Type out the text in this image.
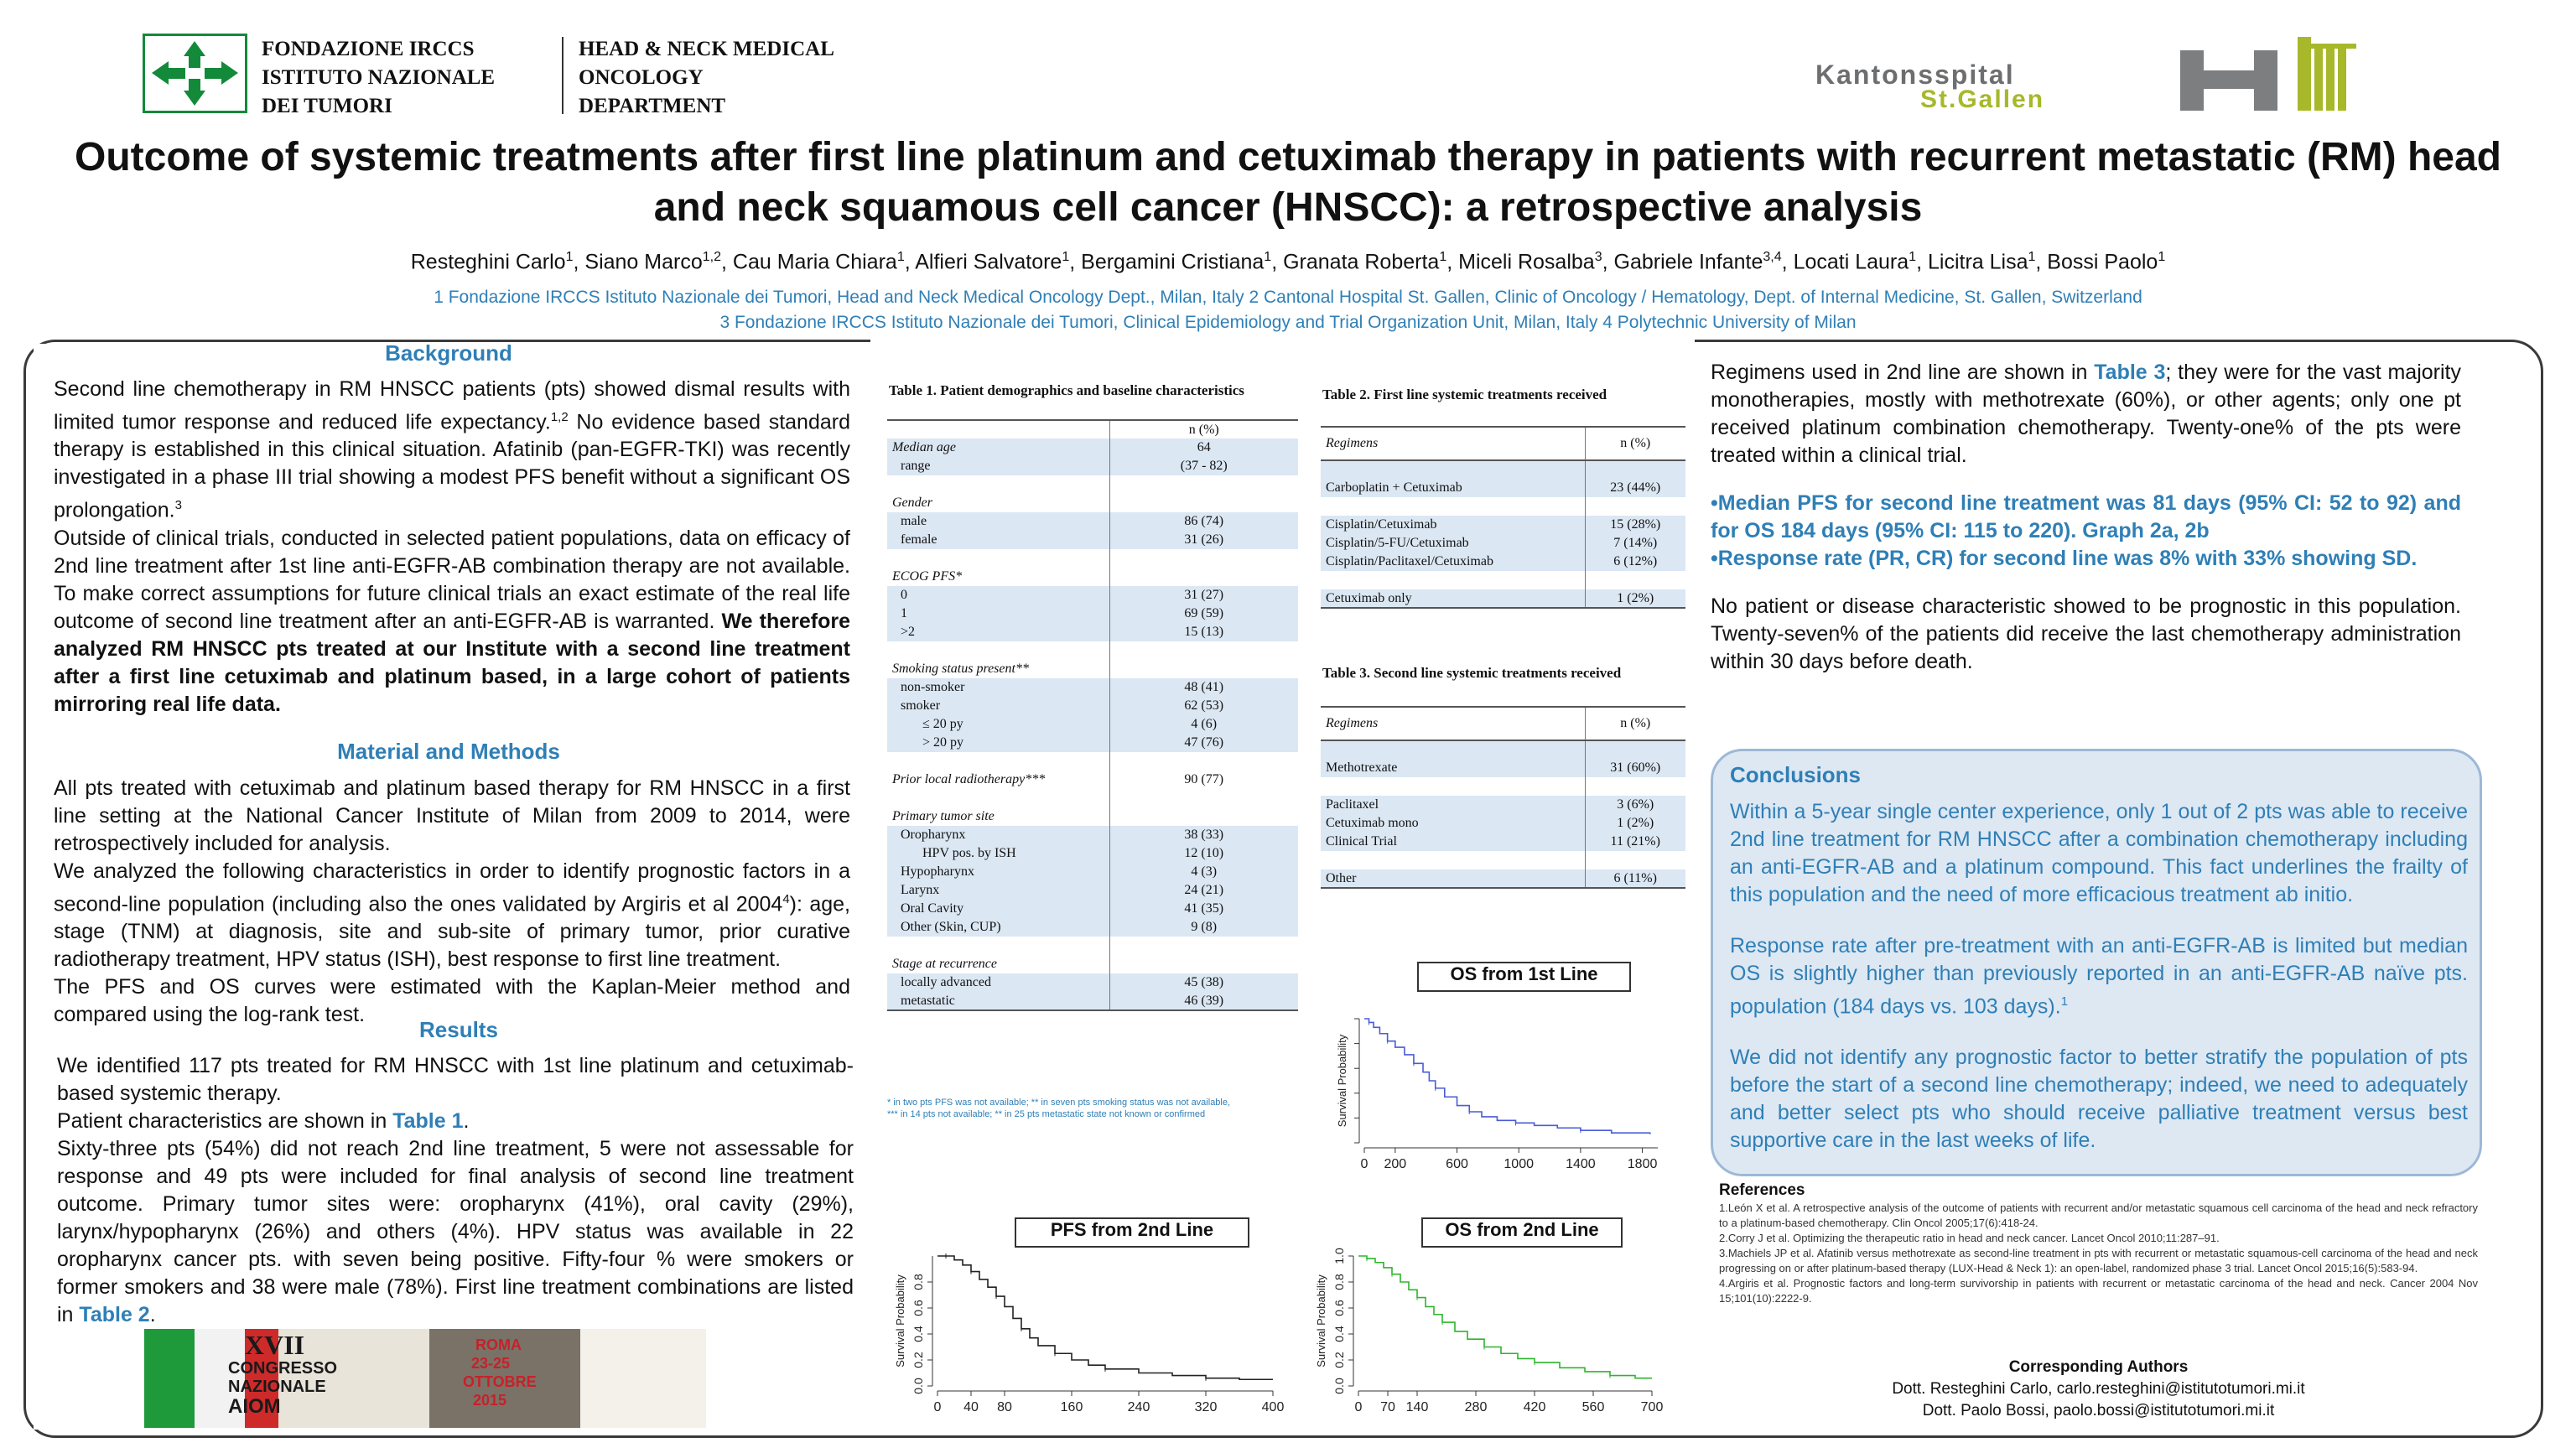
FONDAZIONE IRCCS
ISTITUTO NAZIONALE
DEI TUMORI
HEAD & NECK MEDICAL
ONCOLOGY
DEPARTMENT
Kantonsspital
St.Gallen
Outcome of systemic treatments after first line platinum and cetuximab therapy in patients with recurrent metastatic (RM) head and neck squamous cell cancer (HNSCC): a retrospective analysis
Resteghini Carlo$^1$, Siano Marco$^{1,2}$, Cau Maria Chiara$^1$, Alfieri Salvatore$^1$, Bergamini Cristiana$^1$, Granata Roberta$^1$, Miceli Rosalba$^3$, Gabriele Infante$^{3,4}$, Locati Laura$^1$, Licitra Lisa$^1$, Bossi Paolo$^1$
1 Fondazione IRCCS Istituto Nazionale dei Tumori, Head and Neck Medical Oncology Dept., Milan, Italy 2 Cantonal Hospital St. Gallen, Clinic of Oncology / Hematology, Dept. of Internal Medicine, St. Gallen, Switzerland
3 Fondazione IRCCS Istituto Nazionale dei Tumori, Clinical Epidemiology and Trial Organization Unit, Milan, Italy 4 Polytechnic University of Milan
Background

Second line chemotherapy in RM HNSCC patients (pts) showed dismal results with limited tumor response and reduced life expectancy.$^{1,2}$ No evidence based standard therapy is established in this clinical situation. Afatinib (pan-EGFR-TKI) was recently investigated in a phase III trial showing a modest PFS benefit without a significant OS prolongation.$^3$

Outside of clinical trials, conducted in selected patient populations, data on efficacy of 2nd line treatment after 1st line anti-EGFR-AB combination therapy are not available. To make correct assumptions for future clinical trials an exact estimate of the real life outcome of second line treatment after an anti-EGFR-AB is warranted. We therefore analyzed RM HNSCC pts treated at our Institute with a second line treatment after a first line cetuximab and platinum based, in a large cohort of patients mirroring real life data.

Material and Methods

All pts treated with cetuximab and platinum based therapy for RM HNSCC in a first line setting at the National Cancer Institute of Milan from 2009 to 2014, were retrospectively included for analysis.

We analyzed the following characteristics in order to identify prognostic factors in a second-line population (including also the ones validated by Argiris et al 2004$^4$): age, stage (TNM) at diagnosis, site and sub-site of primary tumor, prior curative radiotherapy treatment, HPV status (ISH), best response to first line treatment.

The PFS and OS curves were estimated with the Kaplan-Meier method and compared using the log-rank test.

Results

We identified 117 pts treated for RM HNSCC with 1st line platinum and cetuximab-based systemic therapy.

Patient characteristics are shown in Table 1.

Sixty-three pts (54%) did not reach 2nd line treatment, 5 were not assessable for response and 49 pts were included for final analysis of second line treatment outcome. Primary tumor sites were: oropharynx (41%), oral cavity (29%), larynx/hypopharynx (26%) and others (4%). HPV status was available in 22 oropharynx cancer pts. with seven being positive. Fifty-four % were smokers or former smokers and 38 were male (78%). First line treatment combinations are listed in Table 2.

XVII
CONGRESSO
NAZIONALE
AIOM
ROMA
23-25
OTTOBRE
2015
Table 1. Patient demographics and baseline characteristics
	n (%)
Median age	64
range	(37 - 82)

Gender	
male	86 (74)
female	31 (26)

ECOG PFS*	
0	31 (27)
1	69 (59)
>2	15 (13)

Smoking status present**	
non-smoker	48 (41)
smoker	62 (53)
≤ 20 py	4 (6)
> 20 py	47 (76)

Prior local radiotherapy***	90 (77)

Primary tumor site	
Oropharynx	38 (33)
HPV pos. by ISH	12 (10)
Hypopharynx	4 (3)
Larynx	24 (21)
Oral Cavity	41 (35)
Other (Skin, CUP)	9 (8)

Stage at recurrence	
locally advanced	45 (38)
metastatic	46 (39)
* in two pts PFS was not available; ** in seven pts smoking status was not available,
*** in 14 pts not available; ** in 25 pts metastatic state not known or confirmed
Table 2. First line systemic treatments received
Regimens	n (%)

Carboplatin + Cetuximab	23 (44%)

Cisplatin/Cetuximab	15 (28%)
Cisplatin/5-FU/Cetuximab	7 (14%)
Cisplatin/Paclitaxel/Cetuximab	6 (12%)

Cetuximab only	1 (2%)
Table 3. Second line systemic treatments received
Regimens	n (%)

Methotrexate	31 (60%)

Paclitaxel	3 (6%)
Cetuximab mono	1 (2%)
Clinical Trial	11 (21%)

Other	6 (11%)
OS from 1st Line
0 200	600	1000 1400 1800
Survival Probability
PFS from 2nd Line
0 40 80	160	240	320	400
0.0
0.2
0.4
0.6
0.8
Survival Probability
OS from 2nd Line
0 70 140	280	420	560	700
0.0
0.2
0.4
0.6
0.8
1.0
Survival Probability

Regimens used in 2nd line are shown in Table 3; they were for the vast majority monotherapies, mostly with methotrexate (60%), or other agents; only one pt received platinum combination chemotherapy. Twenty-one% of the pts were treated within a clinical trial.

•Median PFS for second line treatment was 81 days (95% CI: 52 to 92) and for OS 184 days (95% CI: 115 to 220). Graph 2a, 2b

•Response rate (PR, CR) for second line was 8% with 33% showing SD.

No patient or disease characteristic showed to be prognostic in this population. Twenty-seven% of the patients did receive the last chemotherapy administration within 30 days before death.

Conclusions

Within a 5-year single center experience, only 1 out of 2 pts was able to receive 2nd line treatment for RM HNSCC after a combination chemotherapy including an anti-EGFR-AB and a platinum compound. This fact underlines the frailty of this population and the need of more efficacious treatment ab initio.

Response rate after pre-treatment with an anti-EGFR-AB is limited but median OS is slightly higher than previously reported in an anti-EGFR-AB naïve pts. population (184 days vs. 103 days).$^1$

We did not identify any prognostic factor to better stratify the population of pts before the start of a second line chemotherapy; indeed, we need to adequately and better select pts who should receive palliative treatment versus best supportive care in the last weeks of life.

References

1.León X et al. A retrospective analysis of the outcome of patients with recurrent and/or metastatic squamous cell carcinoma of the head and neck refractory to a platinum-based chemotherapy. Clin Oncol 2005;17(6):418-24.

2.Corry J et al. Optimizing the therapeutic ratio in head and neck cancer. Lancet Oncol 2010;11:287–91.

3.Machiels JP et al. Afatinib versus methotrexate as second-line treatment in pts with recurrent or metastatic squamous-cell carcinoma of the head and neck progressing on or after platinum-based therapy (LUX-Head & Neck 1): an open-label, randomized phase 3 trial. Lancet Oncol 2015;16(5):583-94.

4.Argiris et al. Prognostic factors and long-term survivorship in patients with recurrent or metastatic carcinoma of the head and neck. Cancer 2004 Nov 15;101(10):2222-9.

Corresponding Authors
Dott. Resteghini Carlo, carlo.resteghini@istitutotumori.mi.it
Dott. Paolo Bossi, paolo.bossi@istitutotumori.mi.it
